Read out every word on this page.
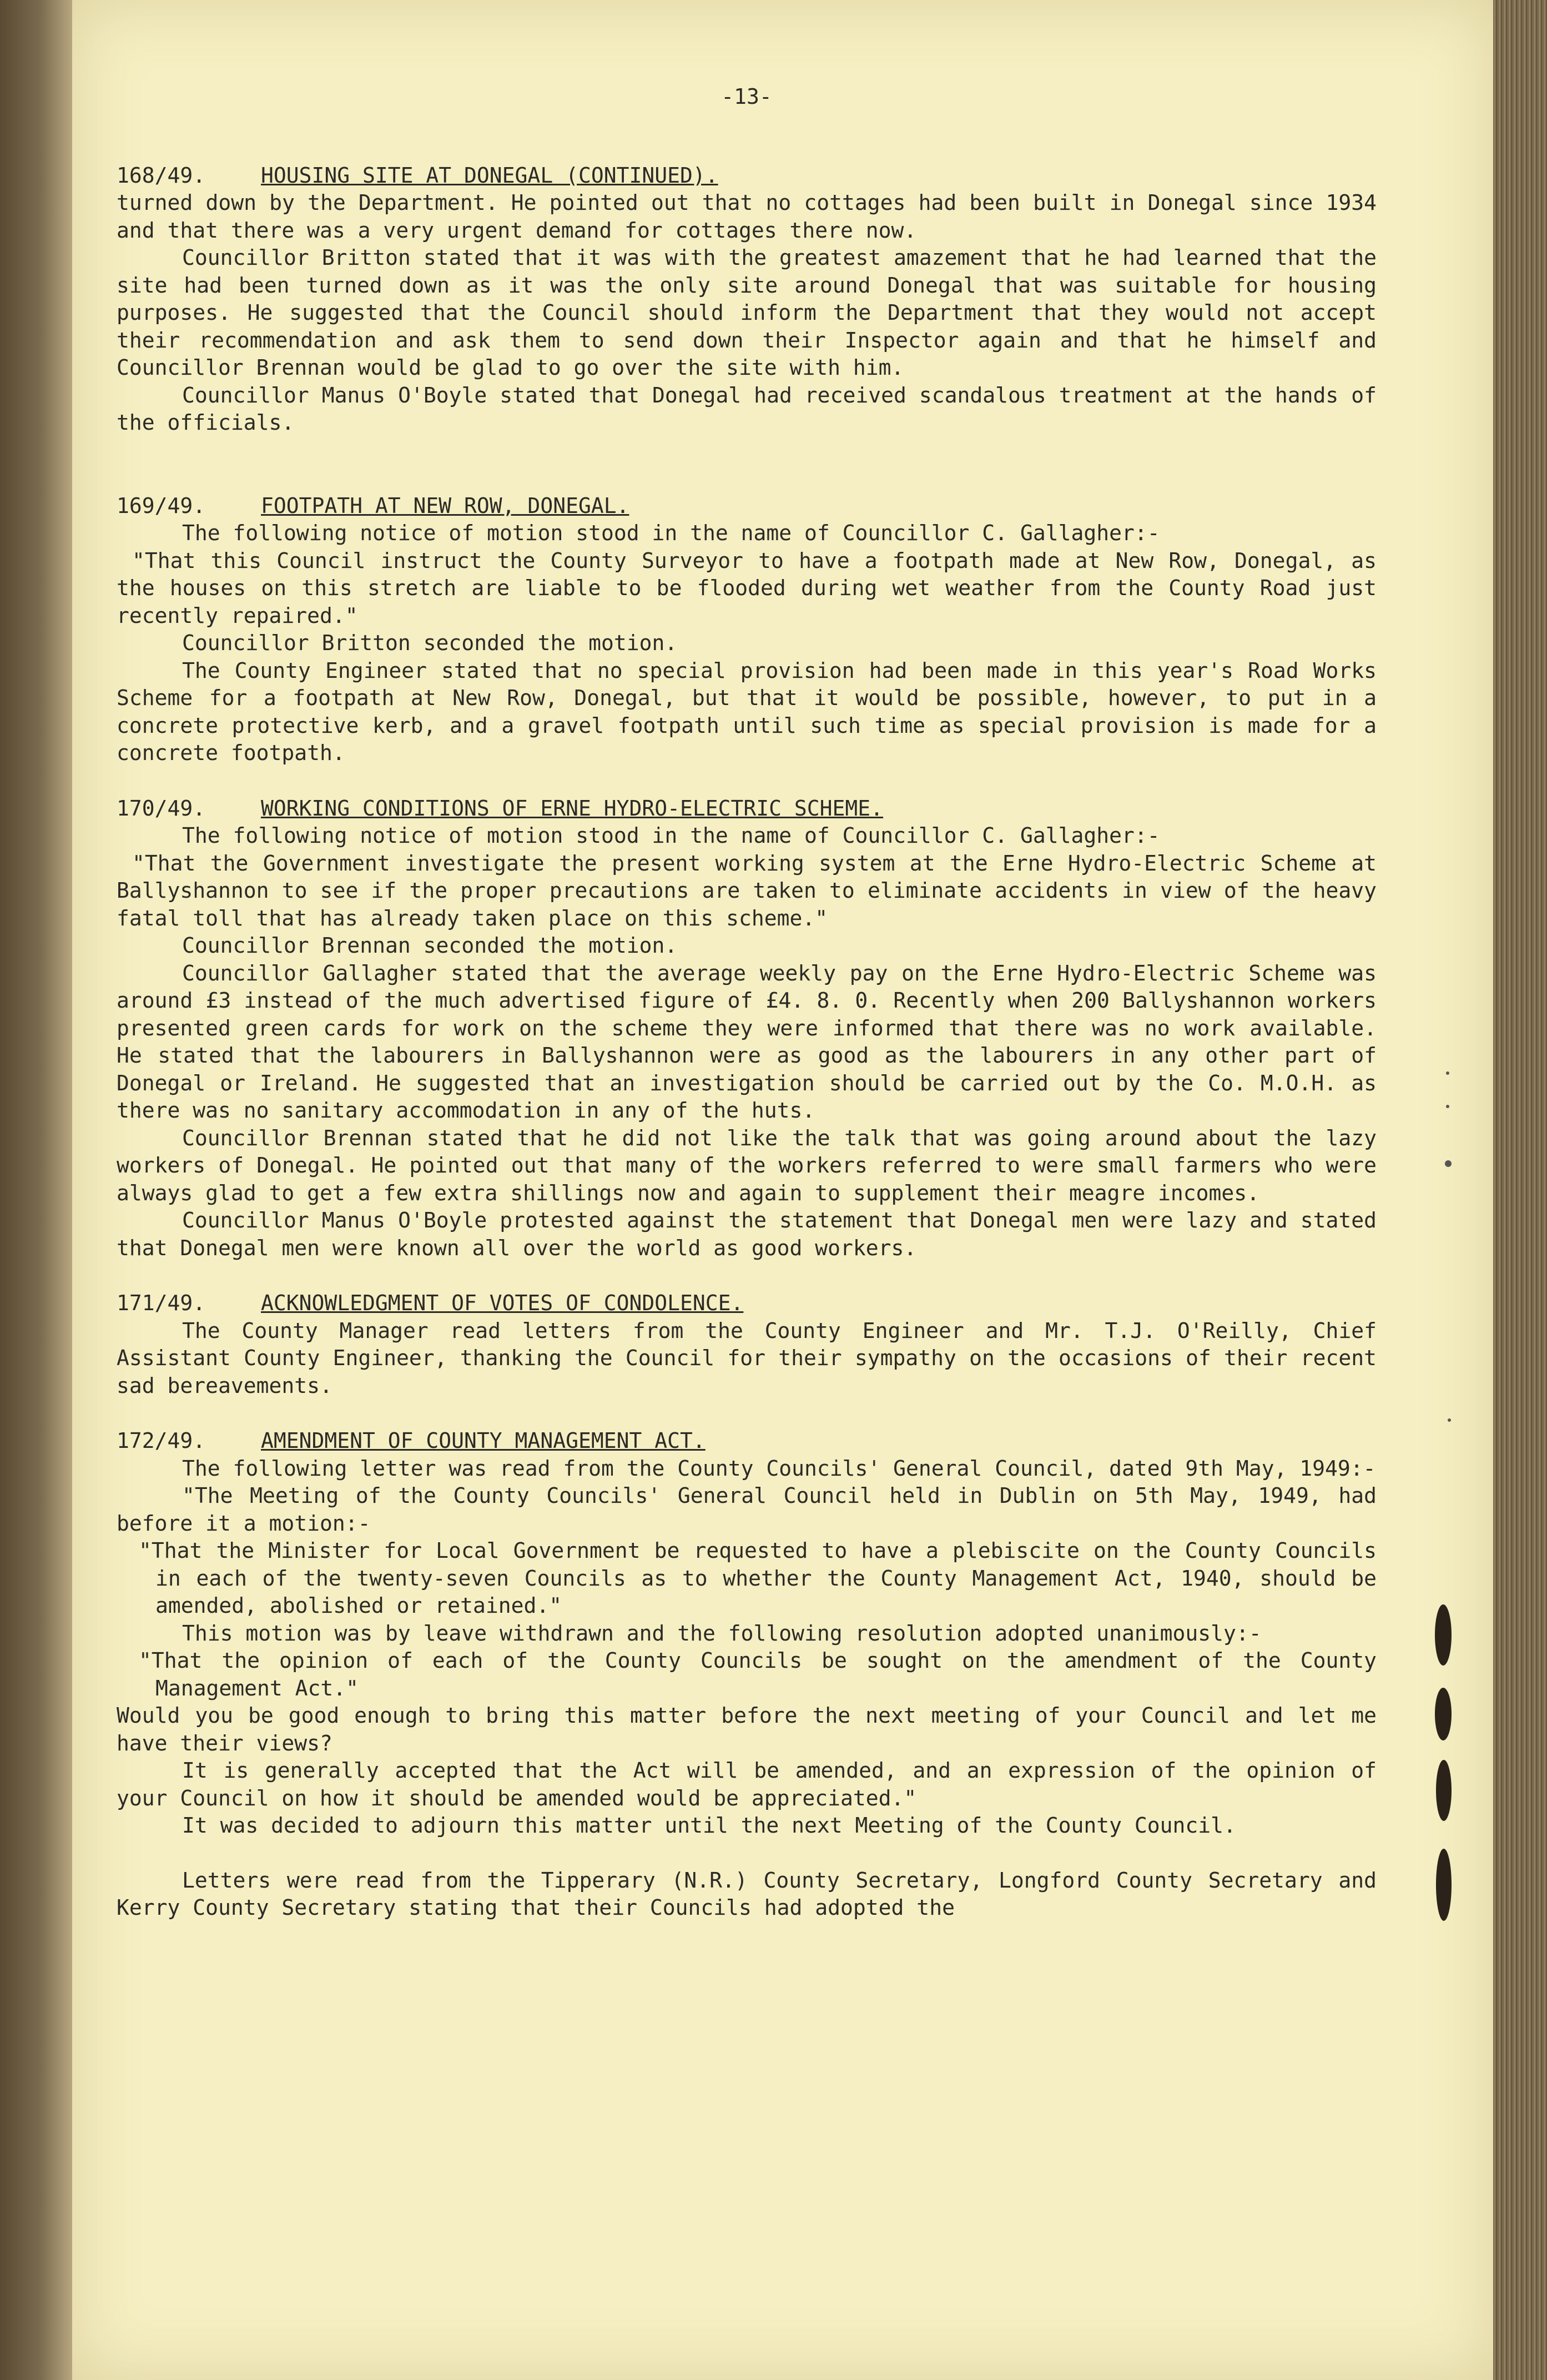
-13-
168/49.	HOUSING SITE AT DONEGAL (CONTINUED).

turned down by the Department. He pointed out that no cottages had been built in Donegal since 1934 and that there was a very urgent demand for cottages there now.

Councillor Britton stated that it was with the greatest amazement that he had learned that the site had been turned down as it was the only site around Donegal that was suitable for housing purposes. He suggested that the Council should inform the Department that they would not accept their recommendation and ask them to send down their Inspector again and that he himself and Councillor Brennan would be glad to go over the site with him.

Councillor Manus O'Boyle stated that Donegal had received scandalous treatment at the hands of the officials.

169/49.	FOOTPATH AT NEW ROW, DONEGAL.

The following notice of motion stood in the name of Councillor C. Gallagher:-

"That this Council instruct the County Surveyor to have a footpath made at New Row, Donegal, as the houses on this stretch are liable to be flooded during wet weather from the County Road just recently repaired."

Councillor Britton seconded the motion.

The County Engineer stated that no special provision had been made in this year's Road Works Scheme for a footpath at New Row, Donegal, but that it would be possible, however, to put in a concrete protective kerb, and a gravel footpath until such time as special provision is made for a concrete footpath.

170/49.	WORKING CONDITIONS OF ERNE HYDRO-ELECTRIC SCHEME.

The following notice of motion stood in the name of Councillor C. Gallagher:-

"That the Government investigate the present working system at the Erne Hydro-Electric Scheme at Ballyshannon to see if the proper precautions are taken to eliminate accidents in view of the heavy fatal toll that has already taken place on this scheme."

Councillor Brennan seconded the motion.

Councillor Gallagher stated that the average weekly pay on the Erne Hydro-Electric Scheme was around £3 instead of the much advertised figure of £4. 8. 0. Recently when 200 Ballyshannon workers presented green cards for work on the scheme they were informed that there was no work available. He stated that the labourers in Ballyshannon were as good as the labourers in any other part of Donegal or Ireland. He suggested that an investigation should be carried out by the Co. M.O.H. as there was no sanitary accommodation in any of the huts.

Councillor Brennan stated that he did not like the talk that was going around about the lazy workers of Donegal. He pointed out that many of the workers referred to were small farmers who were always glad to get a few extra shillings now and again to supplement their meagre incomes.

Councillor Manus O'Boyle protested against the statement that Donegal men were lazy and stated that Donegal men were known all over the world as good workers.

171/49.	ACKNOWLEDGMENT OF VOTES OF CONDOLENCE.

The County Manager read letters from the County Engineer and Mr. T.J. O'Reilly, Chief Assistant County Engineer, thanking the Council for their sympathy on the occasions of their recent sad bereavements.

172/49.	AMENDMENT OF COUNTY MANAGEMENT ACT.

The following letter was read from the County Councils' General Council, dated 9th May, 1949:-

"The Meeting of the County Councils' General Council held in Dublin on 5th May, 1949, had before it a motion:-

"That the Minister for Local Government be requested to have a plebiscite on the County Councils in each of the twenty-seven Councils as to whether the County Management Act, 1940, should be amended, abolished or retained."

This motion was by leave withdrawn and the following resolution adopted unanimously:-

"That the opinion of each of the County Councils be sought on the amendment of the County Management Act."

Would you be good enough to bring this matter before the next meeting of your Council and let me have their views?

It is generally accepted that the Act will be amended, and an expression of the opinion of your Council on how it should be amended would be appreciated."

It was decided to adjourn this matter until the next Meeting of the County Council.

Letters were read from the Tipperary (N.R.) County Secretary, Longford County Secretary and Kerry County Secretary stating that their Councils had adopted the
